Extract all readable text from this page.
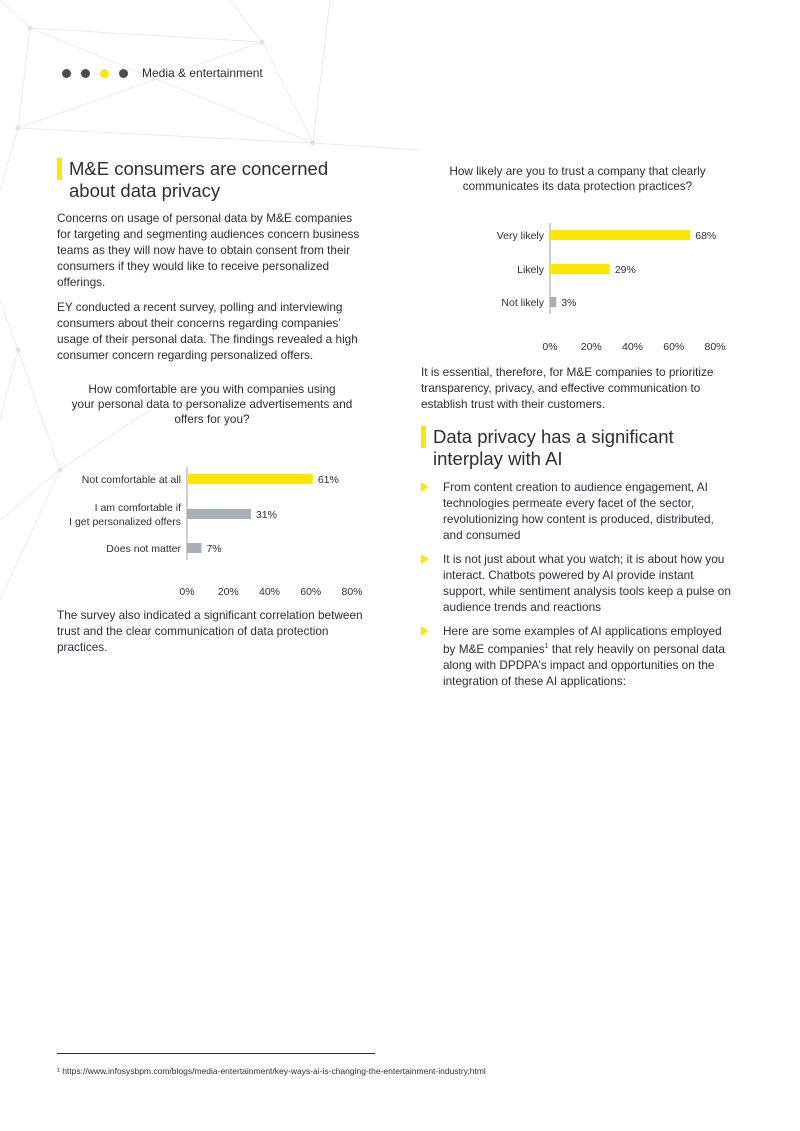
Media & entertainment
M&E consumers are concerned
about data privacy
Concerns on usage of personal data by M&E companies
for targeting and segmenting audiences concern business
teams as they will now have to obtain consent from their
consumers if they would like to receive personalized
offerings.
EY conducted a recent survey, polling and interviewing
consumers about their concerns regarding companies’
usage of their personal data. The findings revealed a high
consumer concern regarding personalized offers.
How comfortable are you with companies using
your personal data to personalize advertisements and
offers for you?
61%
Not comfortable at all
31%
I am comfortable if
I get personalized offers
7%
Does not matter
0% 20% 40% 60% 80%
The survey also indicated a significant correlation between
trust and the clear communication of data protection
practices.
How likely are you to trust a company that clearly
communicates its data protection practices?
68%
Very likely
29%
Likely
3%
Not likely
0% 20% 40% 60% 80%
It is essential, therefore, for M&E companies to prioritize
transparency, privacy, and effective communication to
establish trust with their customers.
Data privacy has a significant
interplay with AI
From content creation to audience engagement, AI technologies permeate every facet of the sector, revolutionizing how content is produced, distributed, and consumed
It is not just about what you watch; it is about how you interact. Chatbots powered by AI provide instant support, while sentiment analysis tools keep a pulse on audience trends and reactions
Here are some examples of AI applications employed by M&E companies$^1$ that rely heavily on personal data along with DPDPA’s impact and opportunities on the integration of these AI applications:
¹ https://www.infosysbpm.com/blogs/media-entertainment/key-ways-ai-is-changing-the-entertainment-industry.html
